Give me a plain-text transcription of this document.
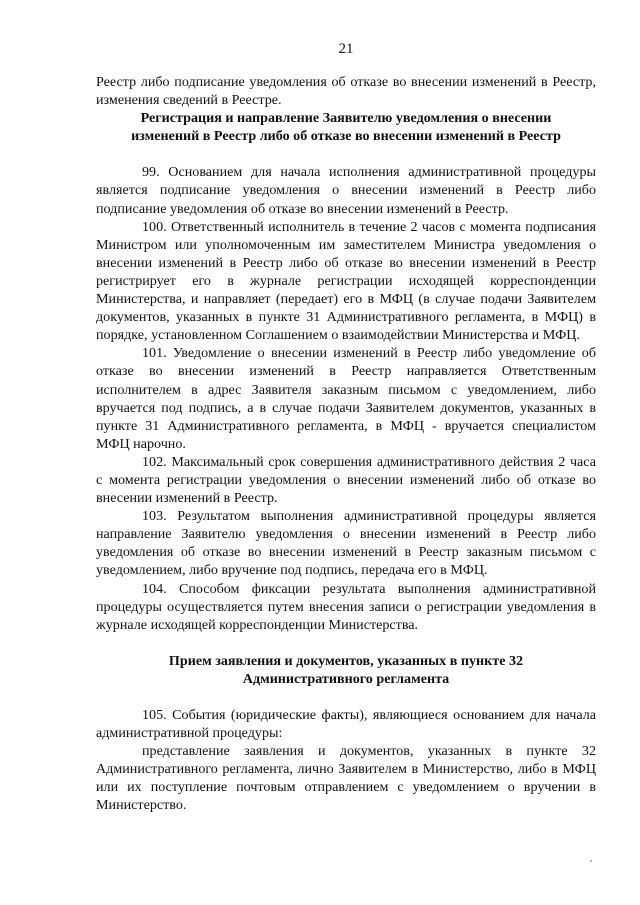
21

Реестр либо подписание уведомления об отказе во внесении изменений в Реестр, изменения сведений в Реестре.

Регистрация и направление Заявителю уведомления о внесении
изменений в Реестр либо об отказе во внесении изменений в Реестр

99. Основанием для начала исполнения административной процедуры является подписание уведомления о внесении изменений в Реестр либо подписание уведомления об отказе во внесении изменений в Реестр.

100. Ответственный исполнитель в течение 2 часов с момента подписания Министром или уполномоченным им заместителем Министра уведомления о внесении изменений в Реестр либо об отказе во внесении изменений в Реестр регистрирует его в журнале регистрации исходящей корреспонденции Министерства, и направляет (передает) его в МФЦ (в случае подачи Заявителем документов, указанных в пункте 31 Административного регламента, в МФЦ) в порядке, установленном Соглашением о взаимодействии Министерства и МФЦ.

101. Уведомление о внесении изменений в Реестр либо уведомление об отказе во внесении изменений в Реестр направляется Ответственным исполнителем в адрес Заявителя заказным письмом с уведомлением, либо вручается под подпись, а в случае подачи Заявителем документов, указанных в пункте 31 Административного регламента, в МФЦ - вручается специалистом МФЦ нарочно.

102. Максимальный срок совершения административного действия 2 часа с момента регистрации уведомления о внесении изменений либо об отказе во внесении изменений в Реестр.

103. Результатом выполнения административной процедуры является направление Заявителю уведомления о внесении изменений в Реестр либо уведомления об отказе во внесении изменений в Реестр заказным письмом с уведомлением, либо вручение под подпись, передача его в МФЦ.

104. Способом фиксации результата выполнения административной процедуры осуществляется путем внесения записи о регистрации уведомления в журнале исходящей корреспонденции Министерства.

Прием заявления и документов, указанных в пункте 32
Административного регламента

105. События (юридические факты), являющиеся основанием для начала административной процедуры:

представление заявления и документов, указанных в пункте 32 Административного регламента, лично Заявителем в Министерство, либо в МФЦ или их поступление почтовым отправлением с уведомлением о вручении в Министерство.
